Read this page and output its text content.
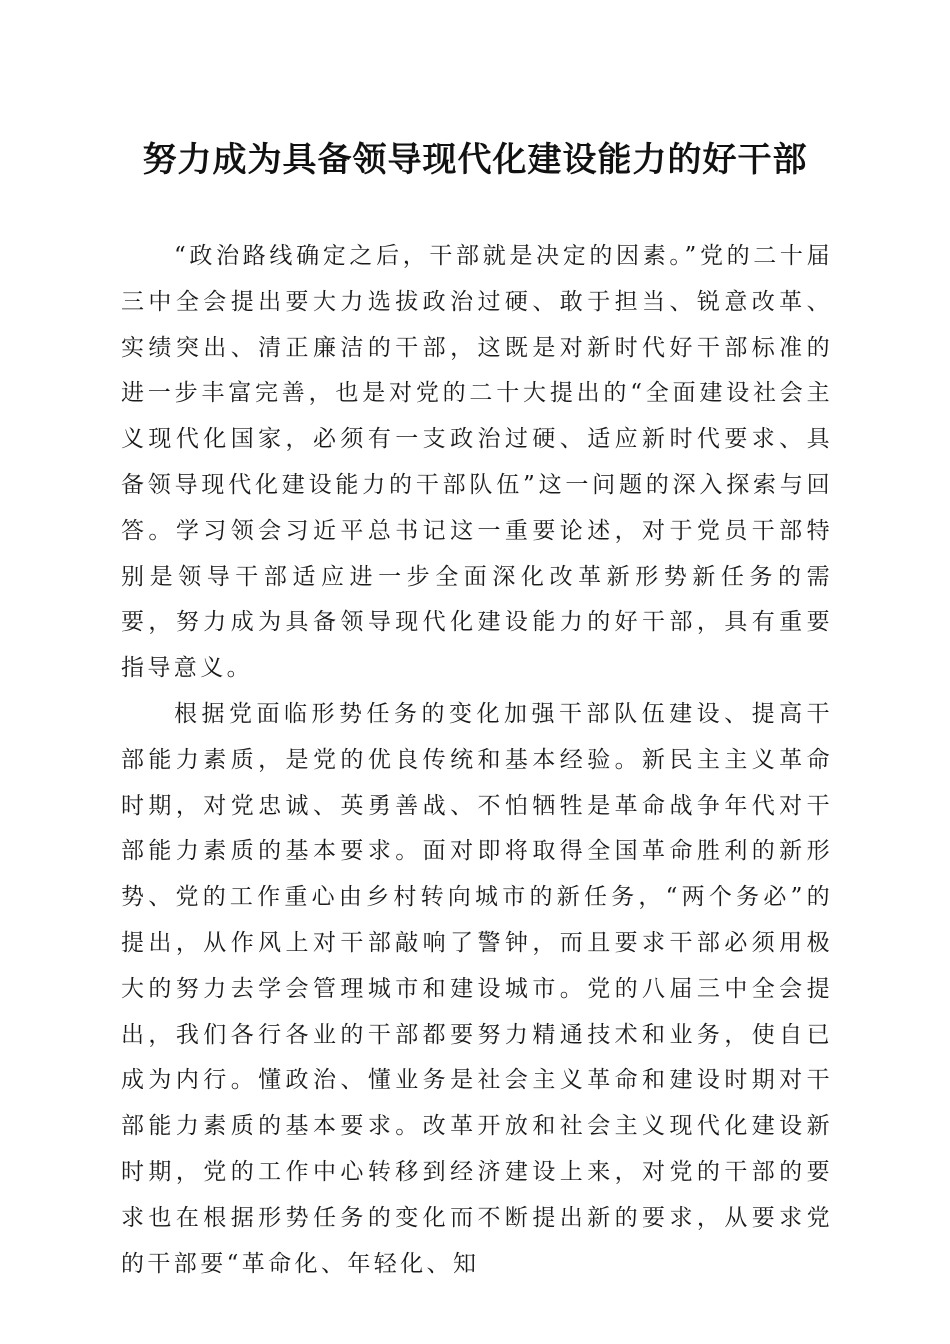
努力成为具备领导现代化建设能力的好干部

“政治路线确定之后，干部就是决定的因素。”党的二十届三中全会提出要大力选拔政治过硬、敢于担当、锐意改革、实绩突出、清正廉洁的干部，这既是对新时代好干部标准的进一步丰富完善，也是对党的二十大提出的“全面建设社会主义现代化国家，必须有一支政治过硬、适应新时代要求、具备领导现代化建设能力的干部队伍”这一问题的深入探索与回答。学习领会习近平总书记这一重要论述，对于党员干部特别是领导干部适应进一步全面深化改革新形势新任务的需要，努力成为具备领导现代化建设能力的好干部，具有重要指导意义。

根据党面临形势任务的变化加强干部队伍建设、提高干部能力素质，是党的优良传统和基本经验。新民主主义革命时期，对党忠诚、英勇善战、不怕牺牲是革命战争年代对干部能力素质的基本要求。面对即将取得全国革命胜利的新形势、党的工作重心由乡村转向城市的新任务，“两个务必”的提出，从作风上对干部敲响了警钟，而且要求干部必须用极大的努力去学会管理城市和建设城市。党的八届三中全会提出，我们各行各业的干部都要努力精通技术和业务，使自已成为内行。懂政治、懂业务是社会主义革命和建设时期对干部能力素质的基本要求。改革开放和社会主义现代化建设新时期，党的工作中心转移到经济建设上来，对党的干部的要求也在根据形势任务的变化而不断提出新的要求，从要求党的干部要“革命化、年轻化、知
